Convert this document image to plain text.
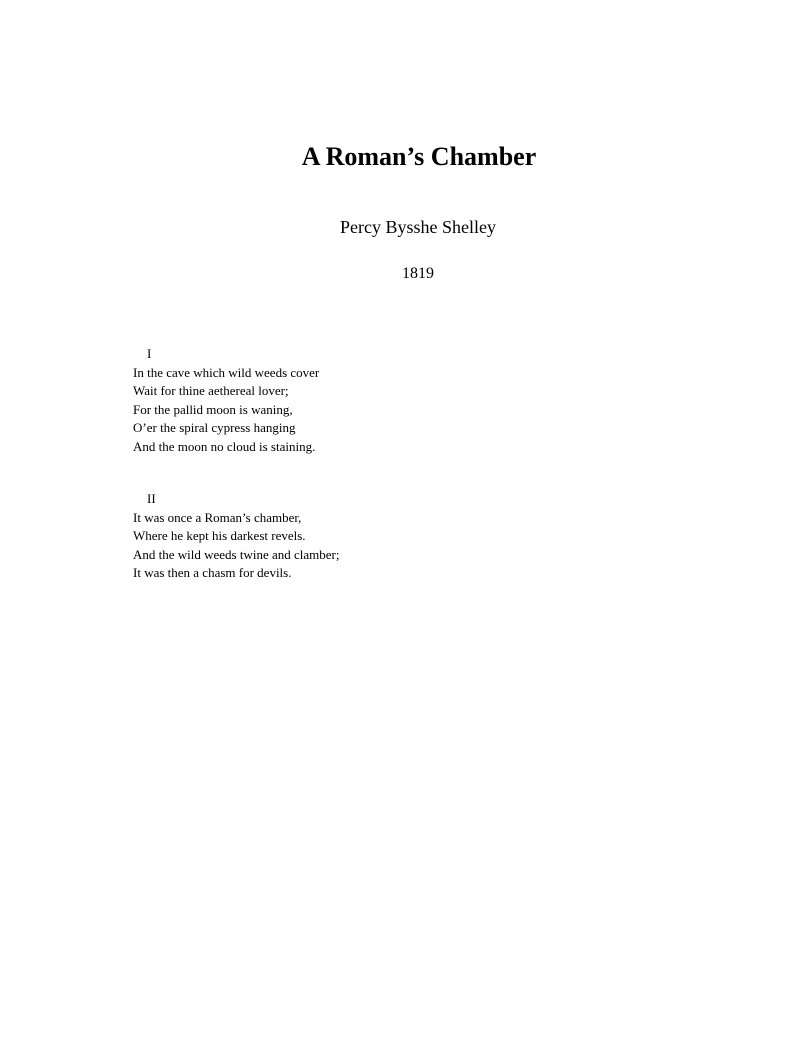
A Roman’s Chamber
Percy Bysshe Shelley
1819
I
In the cave which wild weeds cover
Wait for thine aethereal lover;
For the pallid moon is waning,
O’er the spiral cypress hanging
And the moon no cloud is staining.
II
It was once a Roman’s chamber,
Where he kept his darkest revels.
And the wild weeds twine and clamber;
It was then a chasm for devils.
